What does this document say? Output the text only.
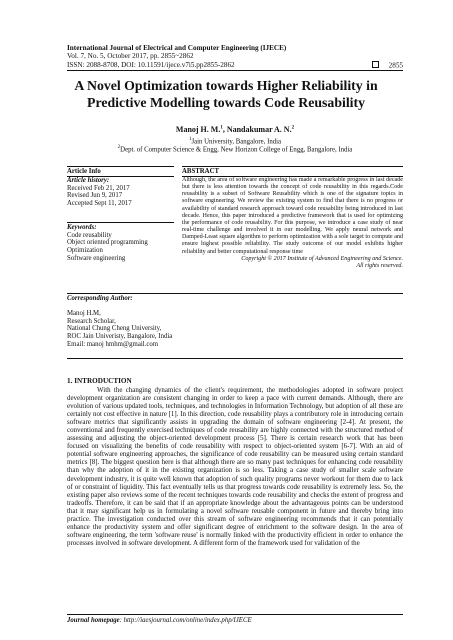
International Journal of Electrical and Computer Engineering (IJECE)
Vol. 7, No. 5, October 2017, pp. 2855~2862
ISSN: 2088-8708, DOI: 10.11591/ijece.v7i5.pp2855-2862	2855
A Novel Optimization towards Higher Reliability in Predictive Modelling towards Code Reusability
Manoj H. M.$^1$, Nandakumar A. N.$^2$
$^1$Jain University, Bangalore, India
$^2$Dept. of Computer Science & Engg, New Horizon College of Engg, Bangalore, India
Article Info
Article history:
Received Feb 21, 2017
Revised Jun 9, 2017
Accepted Sept 11, 2017
Keywords:
Code reusability
Object oriented programming
Optimization
Software engineering
ABSTRACT
Although, the area of software engineering has made a remarkable progress in last decade but there is less attention towards the concept of code reusability in this regards.Code reusability is a subset of Software Reusability which is one of the signature topics in software engineering. We review the existing system to find that there is no progress or availability of standard research approach toward code reusability being introduced in last decade. Hence, this paper introduced a predictive framework that is used for optimizing the performance of code reusability. For this purpose, we introduce a case study of near real-time challenge and involved it in our modelling. We apply neural network and Damped-Least square algorithm to perform optimization with a sole target to compute and ensure highest possible reliability. The study outcome of our model exhibits higher reliability and better computational response time
Copyright © 2017 Institute of Advanced Engineering and Science.
All rights reserved.
Corresponding Author:
Manoj H.M,
Research Scholar,
National Chung Cheng University,
ROC Jain Univeristy, Bangalore, India
Email: manoj hmhm@gmail.com
1. INTRODUCTION
With the changing dynamics of the client's requirement, the methodologies adopted in software project development organization are consistent changing in order to keep a pace with current demands. Although, there are evolution of various updated tools, techniques, and technologies in Information Technology, but adoption of all these are certainly not cost effective in nature [1]. In this direction, code reusability plays a contributory role in introducing certain software metrics that significantly assists in upgrading the domain of software engineering [2-4]. At present, the conventional and frequently exercised techniques of code reusability are highly connected with the structured method of assessing and adjusting the object-oriented development process [5]. There is certain research work that has been focused on visualizing the benefits of code reusability with respect to object-oriented system [6-7]. With an aid of potential software engineering approaches, the significance of code reusability can be measured using certain standard metrics [8]. The biggest question here is that although there are so many past techniques for enhancing code reusability than why the adoption of it in the existing organization is so less. Taking a case study of smaller scale software development industry, it is quite well known that adoption of such quality programs never workout for them due to lack of or constraint of liquidity. This fact eventually tells us that progress towards code reusability is extremely less. So, the existing paper also reviews some of the recent techniques towards code reusability and checks the extent of progress and tradeoffs. Therefore, it can be said that if an appropriate knowledge about the advantageous points can be understood that it may significant help us in formulating a novel software reusable component in future and thereby bring into practice. The investigation conducted over this stream of software engineering recommends that it can potentially enhance the productivity system and offer significant degree of enrichment to the software design. In the area of software engineering, the term 'software reuse' is normally linked with the productivity efficient in order to enhance the processes involved in software development. A different form of the framework used for validation of the
Journal homepage: http://iaesjournal.com/online/index.php/IJECE
